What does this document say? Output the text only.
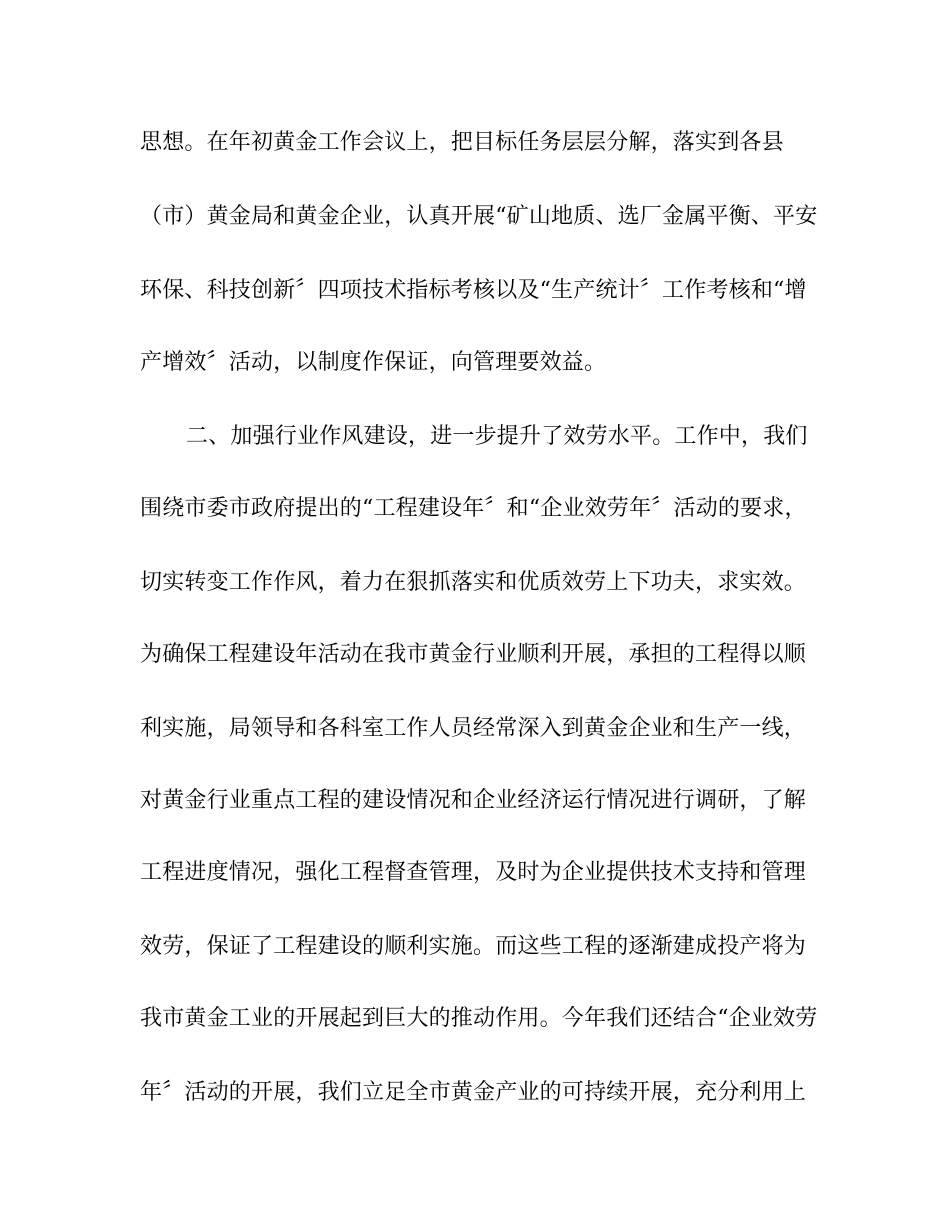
思想。在年初黄金工作会议上，把目标任务层层分解，落实到各县
（市）黄金局和黄金企业，认真开展“矿山地质、选厂金属平衡、平安
环保、科技创新〞四项技术指标考核以及“生产统计〞工作考核和“增
产增效〞活动，以制度作保证，向管理要效益。
二、加强行业作风建设，进一步提升了效劳水平。工作中，我们
围绕市委市政府提出的“工程建设年〞和“企业效劳年〞活动的要求，
切实转变工作作风，着力在狠抓落实和优质效劳上下功夫，求实效。
为确保工程建设年活动在我市黄金行业顺利开展，承担的工程得以顺
利实施，局领导和各科室工作人员经常深入到黄金企业和生产一线，
对黄金行业重点工程的建设情况和企业经济运行情况进行调研，了解
工程进度情况，强化工程督查管理，及时为企业提供技术支持和管理
效劳，保证了工程建设的顺利实施。而这些工程的逐渐建成投产将为
我市黄金工业的开展起到巨大的推动作用。今年我们还结合“企业效劳
年〞活动的开展，我们立足全市黄金产业的可持续开展，充分利用上
